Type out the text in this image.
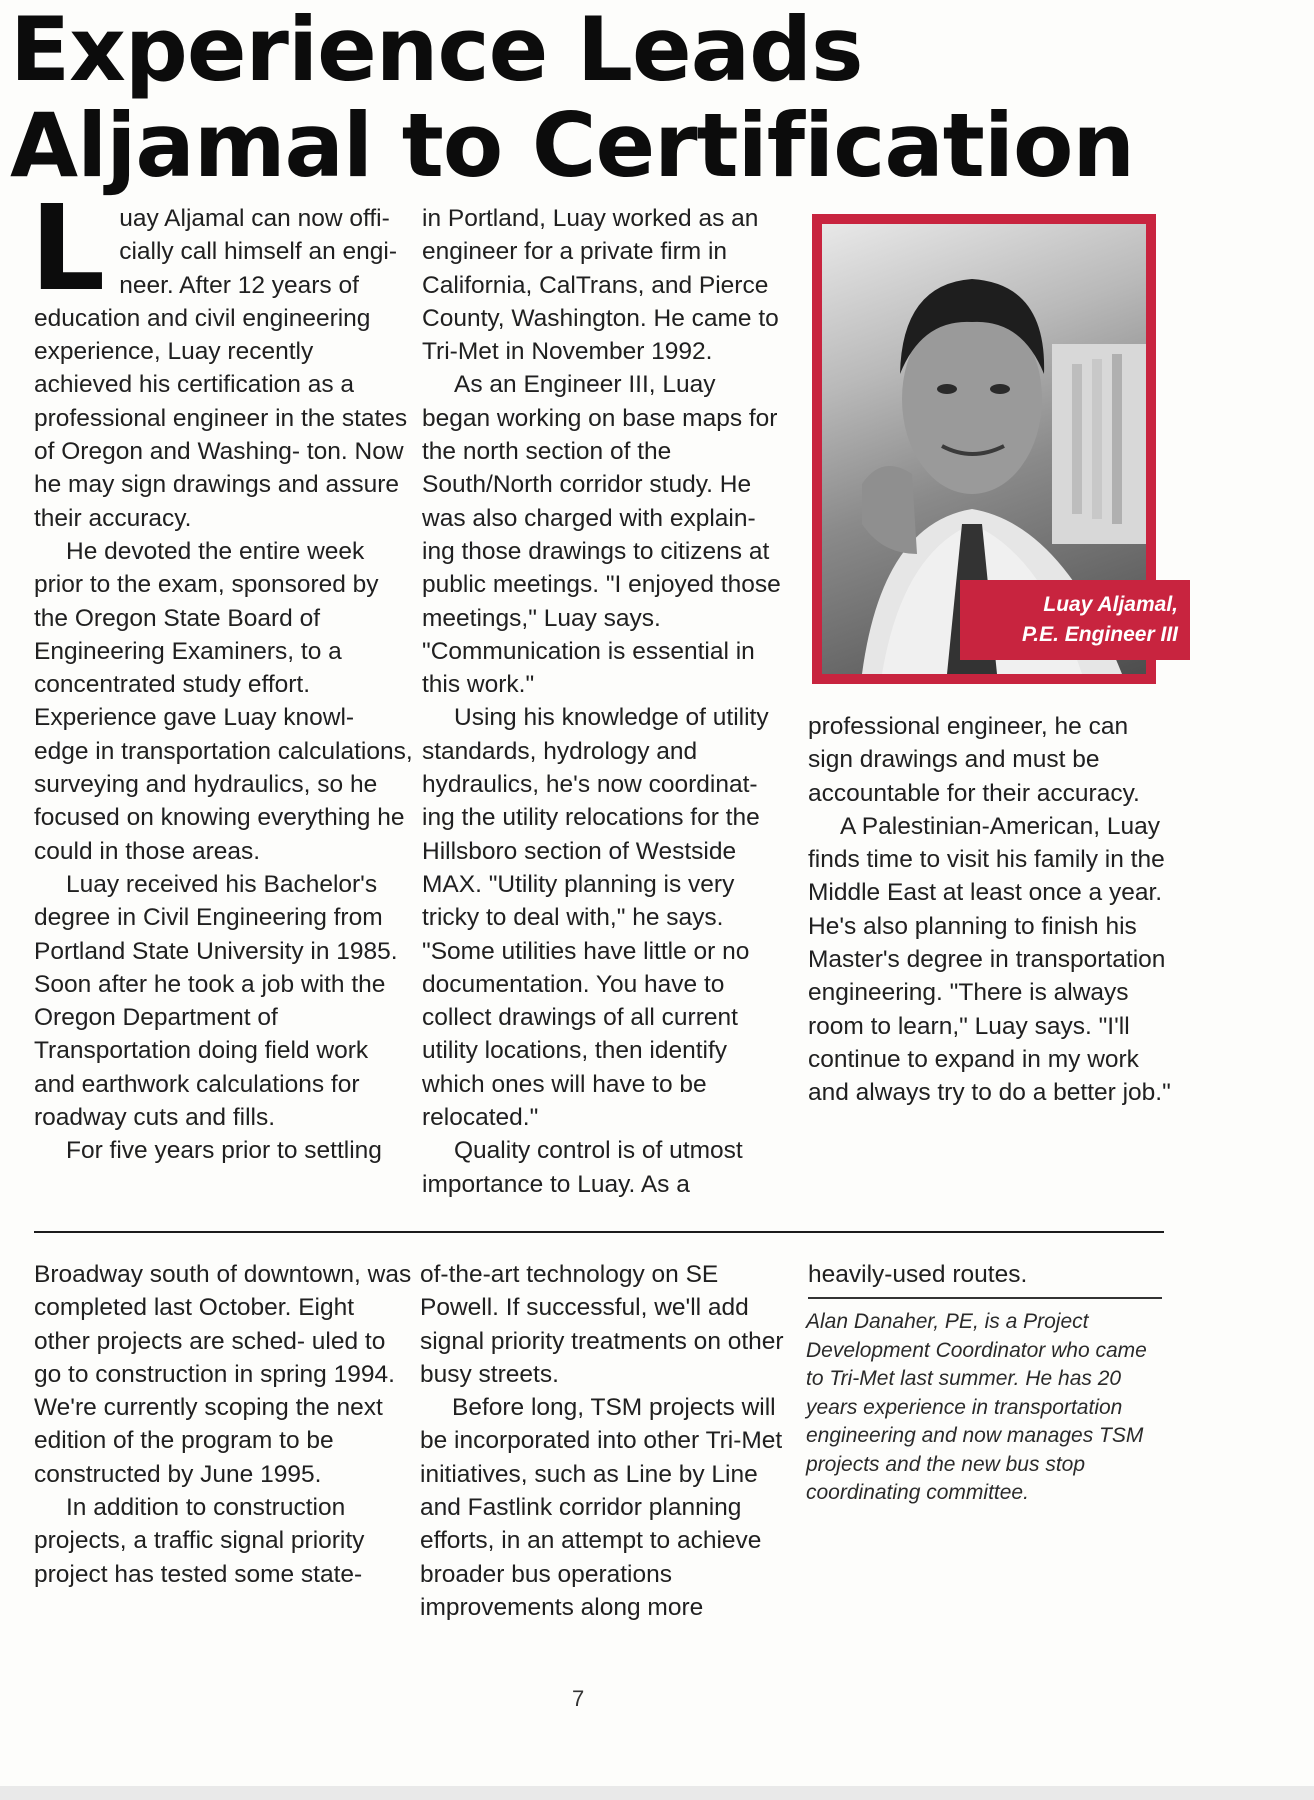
Experience Leads
Aljamal to Certification
L uay Aljamal can now offi- cially call himself an engi- neer. After 12 years of education and civil engineering experience, Luay recently achieved his certification as a professional engineer in the states of Oregon and Washing- ton. Now he may sign drawings and assure their accuracy.

He devoted the entire week prior to the exam, sponsored by the Oregon State Board of Engineering Examiners, to a concentrated study effort. Experience gave Luay knowl- edge in transportation calculations, surveying and hydraulics, so he focused on knowing everything he could in those areas.

Luay received his Bachelor's degree in Civil Engineering from Portland State University in 1985. Soon after he took a job with the Oregon Department of Transportation doing field work and earthwork calculations for roadway cuts and fills.

For five years prior to settling

in Portland, Luay worked as an engineer for a private firm in California, CalTrans, and Pierce County, Washington. He came to Tri-Met in November 1992.

As an Engineer III, Luay began working on base maps for the north section of the South/North corridor study. He was also charged with explain- ing those drawings to citizens at public meetings. "I enjoyed those meetings," Luay says. "Communication is essential in this work."

Using his knowledge of utility standards, hydrology and hydraulics, he's now coordinat- ing the utility relocations for the Hillsboro section of Westside MAX. "Utility planning is very tricky to deal with," he says. "Some utilities have little or no documentation. You have to collect drawings of all current utility locations, then identify which ones will have to be relocated."

Quality control is of utmost importance to Luay. As a

Luay Aljamal,
P.E. Engineer III

professional engineer, he can sign drawings and must be accountable for their accuracy.

A Palestinian-American, Luay finds time to visit his family in the Middle East at least once a year. He's also planning to finish his Master's degree in transportation engineering. "There is always room to learn," Luay says. "I'll continue to expand in my work and always try to do a better job."

Broadway south of downtown, was completed last October. Eight other projects are sched- uled to go to construction in spring 1994. We're currently scoping the next edition of the program to be constructed by June 1995.

In addition to construction projects, a traffic signal priority project has tested some state-

of-the-art technology on SE Powell. If successful, we'll add signal priority treatments on other busy streets.

Before long, TSM projects will be incorporated into other Tri-Met initiatives, such as Line by Line and Fastlink corridor planning efforts, in an attempt to achieve broader bus operations improvements along more

heavily-used routes.

Alan Danaher, PE, is a Project Development Coordinator who came to Tri-Met last summer. He has 20 years experience in transportation engineering and now manages TSM projects and the new bus stop coordinating committee.
7
